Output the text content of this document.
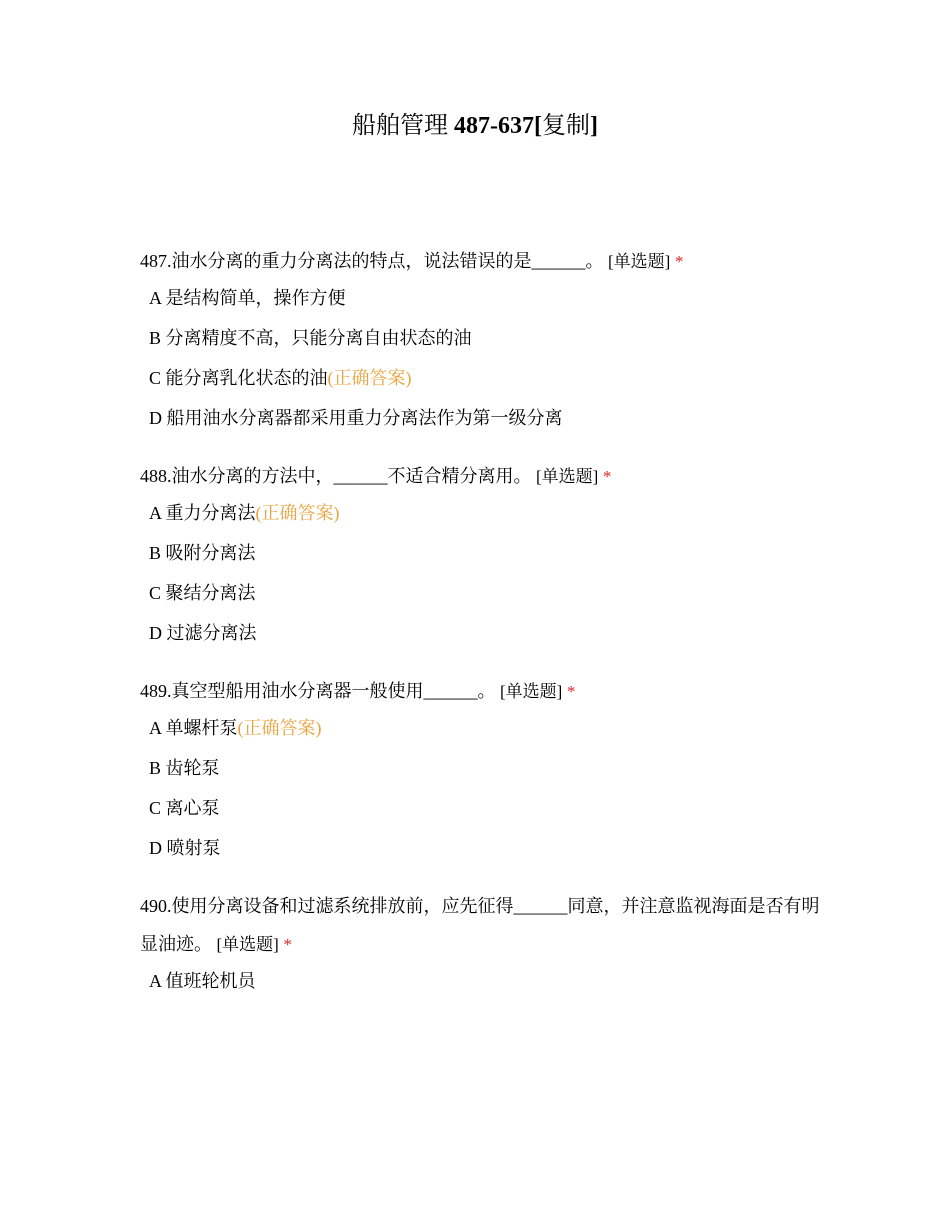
船舶管理 487-637[复制]

487.油水分离的重力分离法的特点，说法错误的是______。 [单选题] *

A 是结构简单，操作方便
B 分离精度不高，只能分离自由状态的油
C 能分离乳化状态的油(正确答案)
D 船用油水分离器都采用重力分离法作为第一级分离

488.油水分离的方法中，______不适合精分离用。 [单选题] *

A 重力分离法(正确答案)
B 吸附分离法
C 聚结分离法
D 过滤分离法

489.真空型船用油水分离器一般使用______。 [单选题] *

A 单螺杆泵(正确答案)
B 齿轮泵
C 离心泵
D 喷射泵

490.使用分离设备和过滤系统排放前，应先征得______同意，并注意监视海面是否有明显油迹。 [单选题] *

A 值班轮机员
